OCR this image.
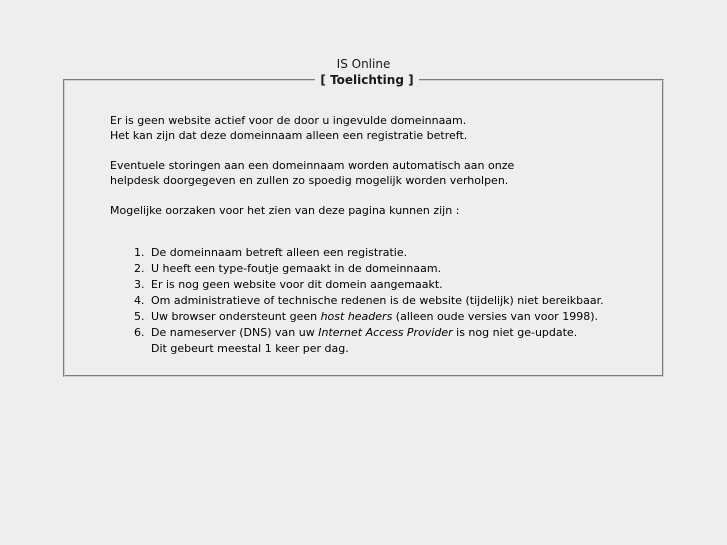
IS Online
[ Toelichting ]
Er is geen website actief voor de door u ingevulde domeinnaam.
Het kan zijn dat deze domeinnaam alleen een registratie betreft.
Eventuele storingen aan een domeinnaam worden automatisch aan onze
helpdesk doorgegeven en zullen zo spoedig mogelijk worden verholpen.
Mogelijke oorzaken voor het zien van deze pagina kunnen zijn :
1. De domeinnaam betreft alleen een registratie.
2. U heeft een type-foutje gemaakt in de domeinnaam.
3. Er is nog geen website voor dit domein aangemaakt.
4. Om administratieve of technische redenen is de website (tijdelijk) niet bereikbaar.
5. Uw browser ondersteunt geen host headers (alleen oude versies van voor 1998).
6. De nameserver (DNS) van uw Internet Access Provider is nog niet ge-update.
Dit gebeurt meestal 1 keer per dag.
